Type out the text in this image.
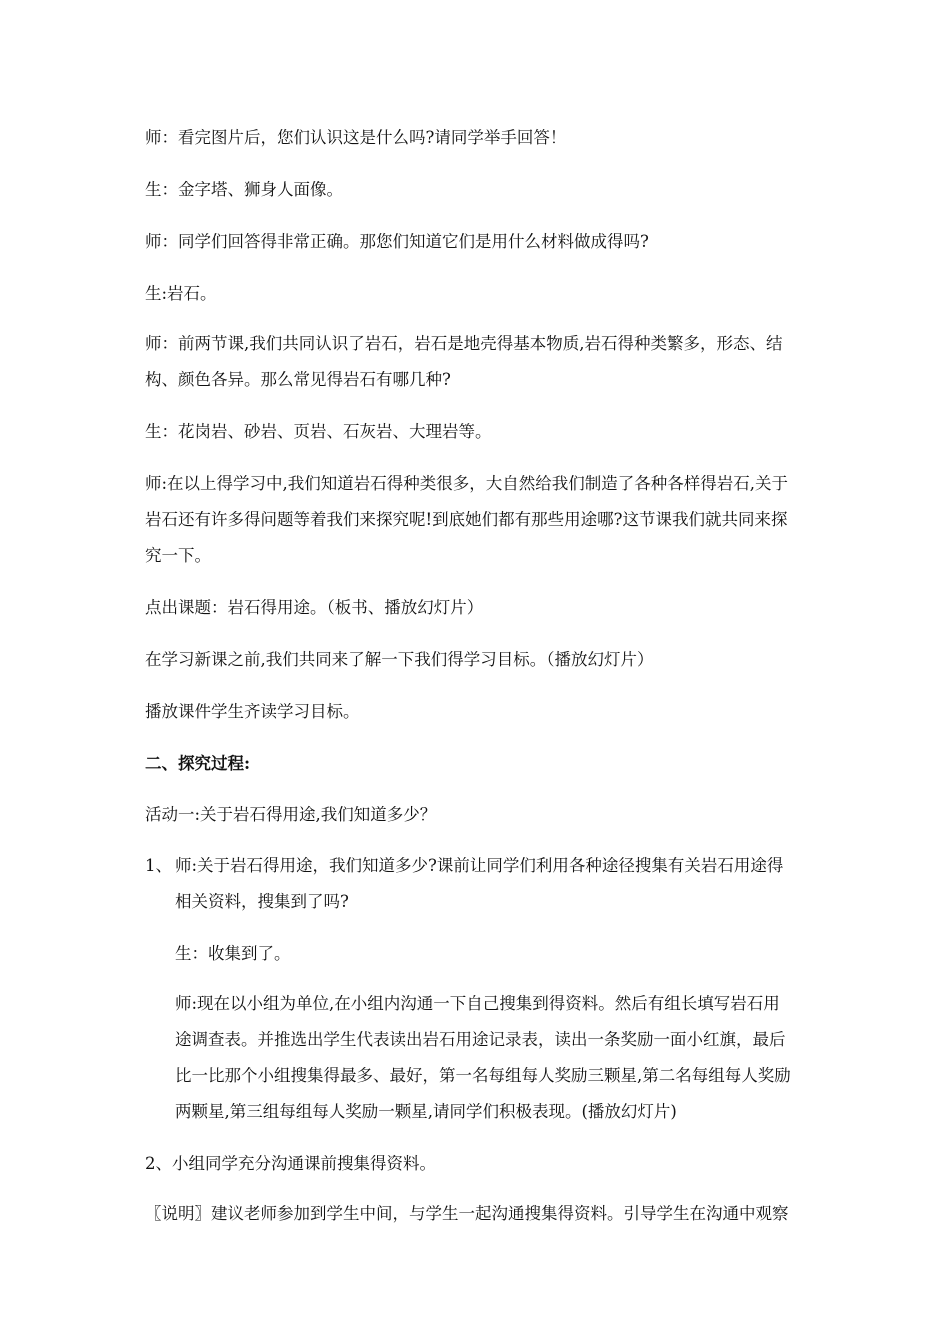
师：看完图片后，您们认识这是什么吗?请同学举手回答！

生：金字塔、狮身人面像。

师：同学们回答得非常正确。那您们知道它们是用什么材料做成得吗?

生:岩石。

师：前两节课,我们共同认识了岩石，岩石是地壳得基本物质,岩石得种类繁多，形态、结

构、颜色各异。那么常见得岩石有哪几种?

生：花岗岩、砂岩、页岩、石灰岩、大理岩等。

师:在以上得学习中,我们知道岩石得种类很多，大自然给我们制造了各种各样得岩石,关于

岩石还有许多得问题等着我们来探究呢!到底她们都有那些用途哪?这节课我们就共同来探

究一下。

点出课题：岩石得用途。（板书、播放幻灯片）

在学习新课之前,我们共同来了解一下我们得学习目标。（播放幻灯片）

播放课件学生齐读学习目标。

二、探究过程:

活动一:关于岩石得用途,我们知道多少？

1、 师:关于岩石得用途，我们知道多少?课前让同学们利用各种途径搜集有关岩石用途得

相关资料，搜集到了吗?

生：收集到了。

师:现在以小组为单位,在小组内沟通一下自己搜集到得资料。然后有组长填写岩石用

途调查表。并推选出学生代表读出岩石用途记录表，读出一条奖励一面小红旗，最后

比一比那个小组搜集得最多、最好，第一名每组每人奖励三颗星,第二名每组每人奖励

两颗星,第三组每组每人奖励一颗星,请同学们积极表现。(播放幻灯片)

2、小组同学充分沟通课前搜集得资料。

〖说明〗建议老师参加到学生中间，与学生一起沟通搜集得资料。引导学生在沟通中观察
